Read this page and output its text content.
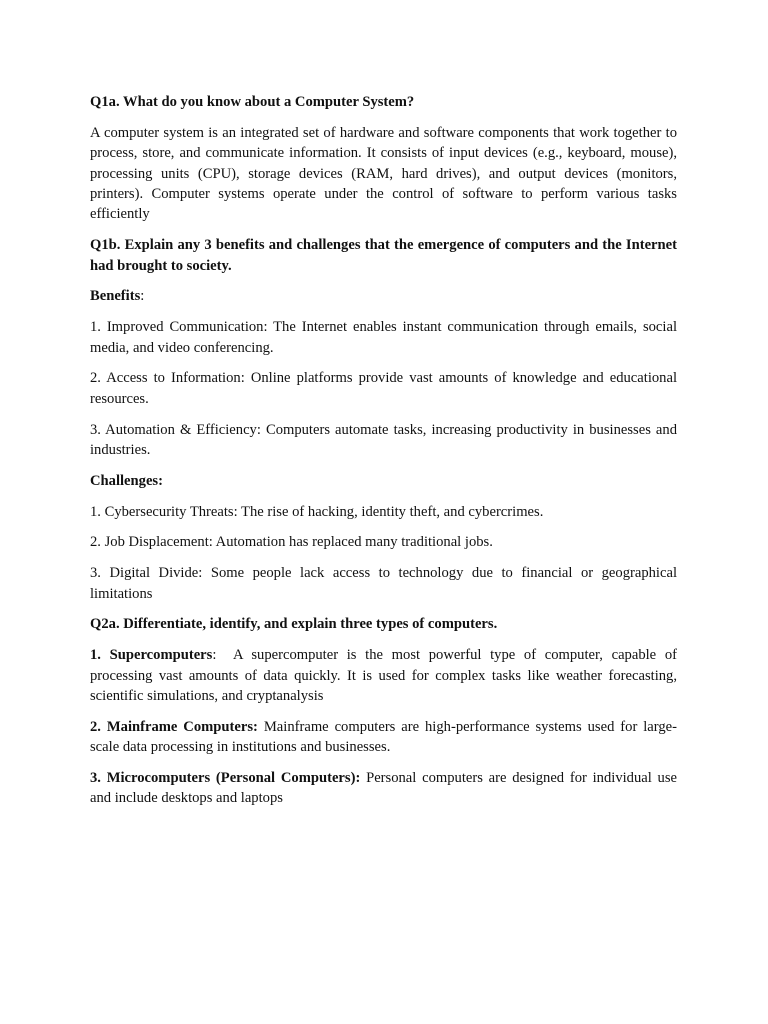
Q1a. What do you know about a Computer System?

A computer system is an integrated set of hardware and software components that work together to process, store, and communicate information. It consists of input devices (e.g., keyboard, mouse), processing units (CPU), storage devices (RAM, hard drives), and output devices (monitors, printers). Computer systems operate under the control of software to perform various tasks efficiently

Q1b. Explain any 3 benefits and challenges that the emergence of computers and the Internet had brought to society.

Benefits:

1. Improved Communication: The Internet enables instant communication through emails, social media, and video conferencing.

2. Access to Information: Online platforms provide vast amounts of knowledge and educational resources.

3. Automation & Efficiency: Computers automate tasks, increasing productivity in businesses and industries.

Challenges:

1. Cybersecurity Threats: The rise of hacking, identity theft, and cybercrimes.

2. Job Displacement: Automation has replaced many traditional jobs.

3. Digital Divide: Some people lack access to technology due to financial or geographical limitations

Q2a. Differentiate, identify, and explain three types of computers.

1. Supercomputers:  A supercomputer is the most powerful type of computer, capable of processing vast amounts of data quickly. It is used for complex tasks like weather forecasting, scientific simulations, and cryptanalysis

2. Mainframe Computers: Mainframe computers are high-performance systems used for large-scale data processing in institutions and businesses.

3. Microcomputers (Personal Computers): Personal computers are designed for individual use and include desktops and laptops
